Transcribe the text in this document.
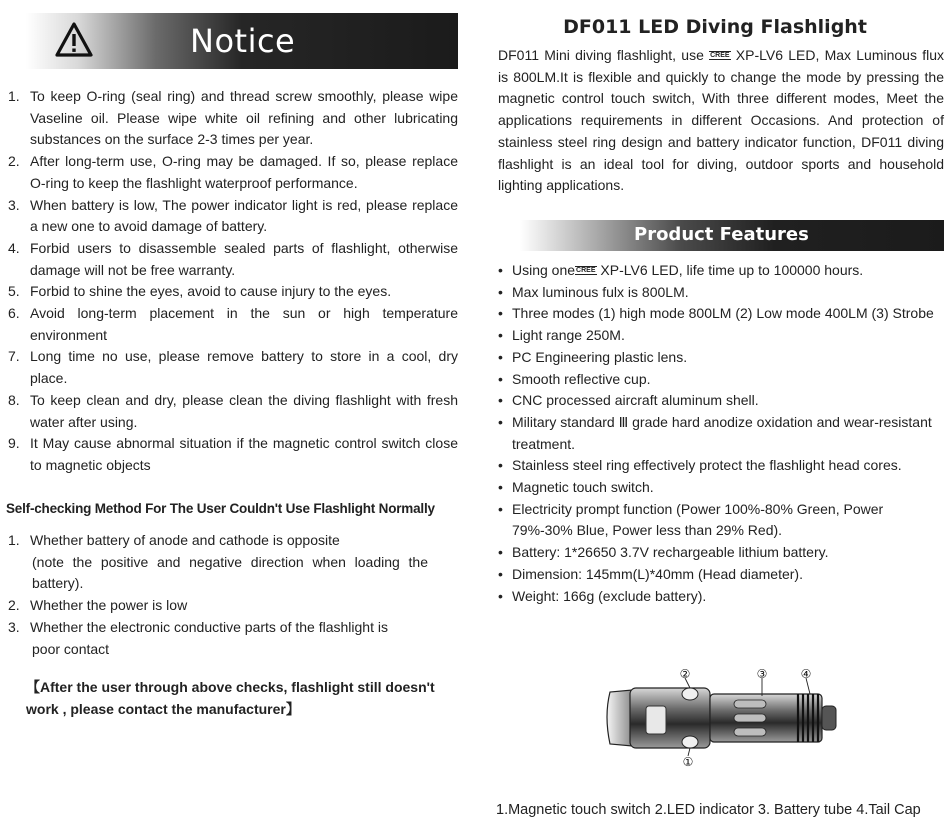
Notice
1. To keep O-ring (seal ring) and thread screw smoothly, please wipe Vaseline oil. Please wipe white oil refining and other lubricating substances on the surface 2-3 times per year.
2. After long-term use, O-ring may be damaged. If so, please replace O-ring to keep the flashlight waterproof performance.
3. When battery is low, The power indicator light is red, please replace a new one to avoid damage of battery.
4. Forbid users to disassemble sealed parts of flashlight, otherwise damage will not be free warranty.
5. Forbid to shine the eyes, avoid to cause injury to the eyes.
6. Avoid long-term placement in the sun or high temperature environment
7. Long time no use, please remove battery to store in a cool, dry place.
8. To keep clean and dry, please clean the diving flashlight with fresh water after using.
9. It May cause abnormal situation if the magnetic control switch close to magnetic objects
Self-checking Method For The User Couldn't Use Flashlight Normally
1. Whether battery of anode and cathode is opposite
(note the positive and negative direction when loading the battery).
2. Whether the power is low
3. Whether the electronic conductive parts of the flashlight is
poor contact
【After the user through above checks, flashlight still doesn't work , please contact the manufacturer】
DF011 LED Diving Flashlight
DF011 Mini diving flashlight, use CREE XP-LV6 LED, Max Luminous flux is 800LM.It is flexible and quickly to change the mode by pressing the magnetic control touch switch, With three different modes, Meet the applications requirements in different Occasions. And protection of stainless steel ring design and battery indicator function, DF011 diving flashlight is an ideal tool for diving, outdoor sports and household lighting applications.
Product Features
• Using oneCREE XP-LV6 LED, life time up to 100000 hours.
• Max luminous fulx is 800LM.
• Three modes (1) high mode 800LM (2) Low mode 400LM (3) Strobe
• Light range 250M.
• PC Engineering plastic lens.
• Smooth reflective cup.
• CNC processed aircraft aluminum shell.
• Military standard Ⅲ grade hard anodize oxidation and wear-resistant treatment.
• Stainless steel ring effectively protect the flashlight head cores.
• Magnetic touch switch.
• Electricity prompt function (Power 100%-80% Green, Power 79%-30% Blue, Power less than 29% Red).
• Battery: 1*26650 3.7V rechargeable lithium battery.
• Dimension: 145mm(L)*40mm (Head diameter).
• Weight: 166g (exclude battery).
②	③	④
①
1.Magnetic touch switch 2.LED indicator 3. Battery tube 4.Tail Cap
